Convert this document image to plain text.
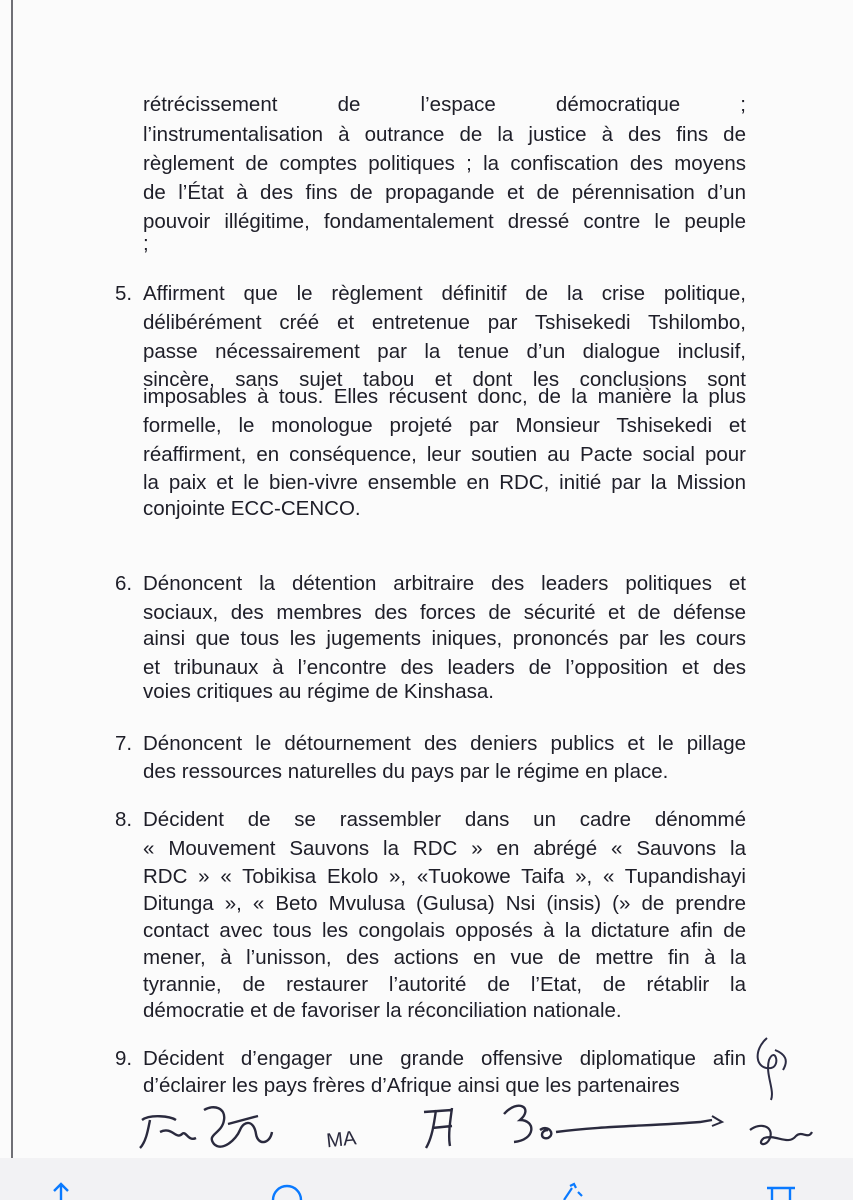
rétrécissement de l’espace démocratique ;
l’instrumentalisation à outrance de la justice à des fins de
règlement de comptes politiques ; la confiscation des moyens
de l’État à des fins de propagande et de pérennisation d’un
pouvoir illégitime, fondamentalement dressé contre le peuple
;
5. Affirment que le règlement définitif de la crise politique,
délibérément créé et entretenue par Tshisekedi Tshilombo,
passe nécessairement par la tenue d’un dialogue inclusif,
sincère, sans sujet tabou et dont les conclusions sont
imposables à tous. Elles récusent donc, de la manière la plus
formelle, le monologue projeté par Monsieur Tshisekedi et
réaffirment, en conséquence, leur soutien au Pacte social pour
la paix et le bien-vivre ensemble en RDC, initié par la Mission
conjointe ECC-CENCO.
6. Dénoncent la détention arbitraire des leaders politiques et
sociaux, des membres des forces de sécurité et de défense
ainsi que tous les jugements iniques, prononcés par les cours
et tribunaux à l’encontre des leaders de l’opposition et des
voies critiques au régime de Kinshasa.
7. Dénoncent le détournement des deniers publics et le pillage
des ressources naturelles du pays par le régime en place.
8. Décident de se rassembler dans un cadre dénommé
« Mouvement Sauvons la RDC » en abrégé « Sauvons la
RDC » « Tobikisa Ekolo », «Tuokowe Taifa », « Tupandishayi
Ditunga », « Beto Mvulusa (Gulusa) Nsi (insis) (» de prendre
contact avec tous les congolais opposés à la dictature afin de
mener, à l’unisson, des actions en vue de mettre fin à la
tyrannie, de restaurer l’autorité de l’Etat, de rétablir la
démocratie et de favoriser la réconciliation nationale.
9. Décident d’engager une grande offensive diplomatique afin
d’éclairer les pays frères d’Afrique ainsi que les partenaires
MA
